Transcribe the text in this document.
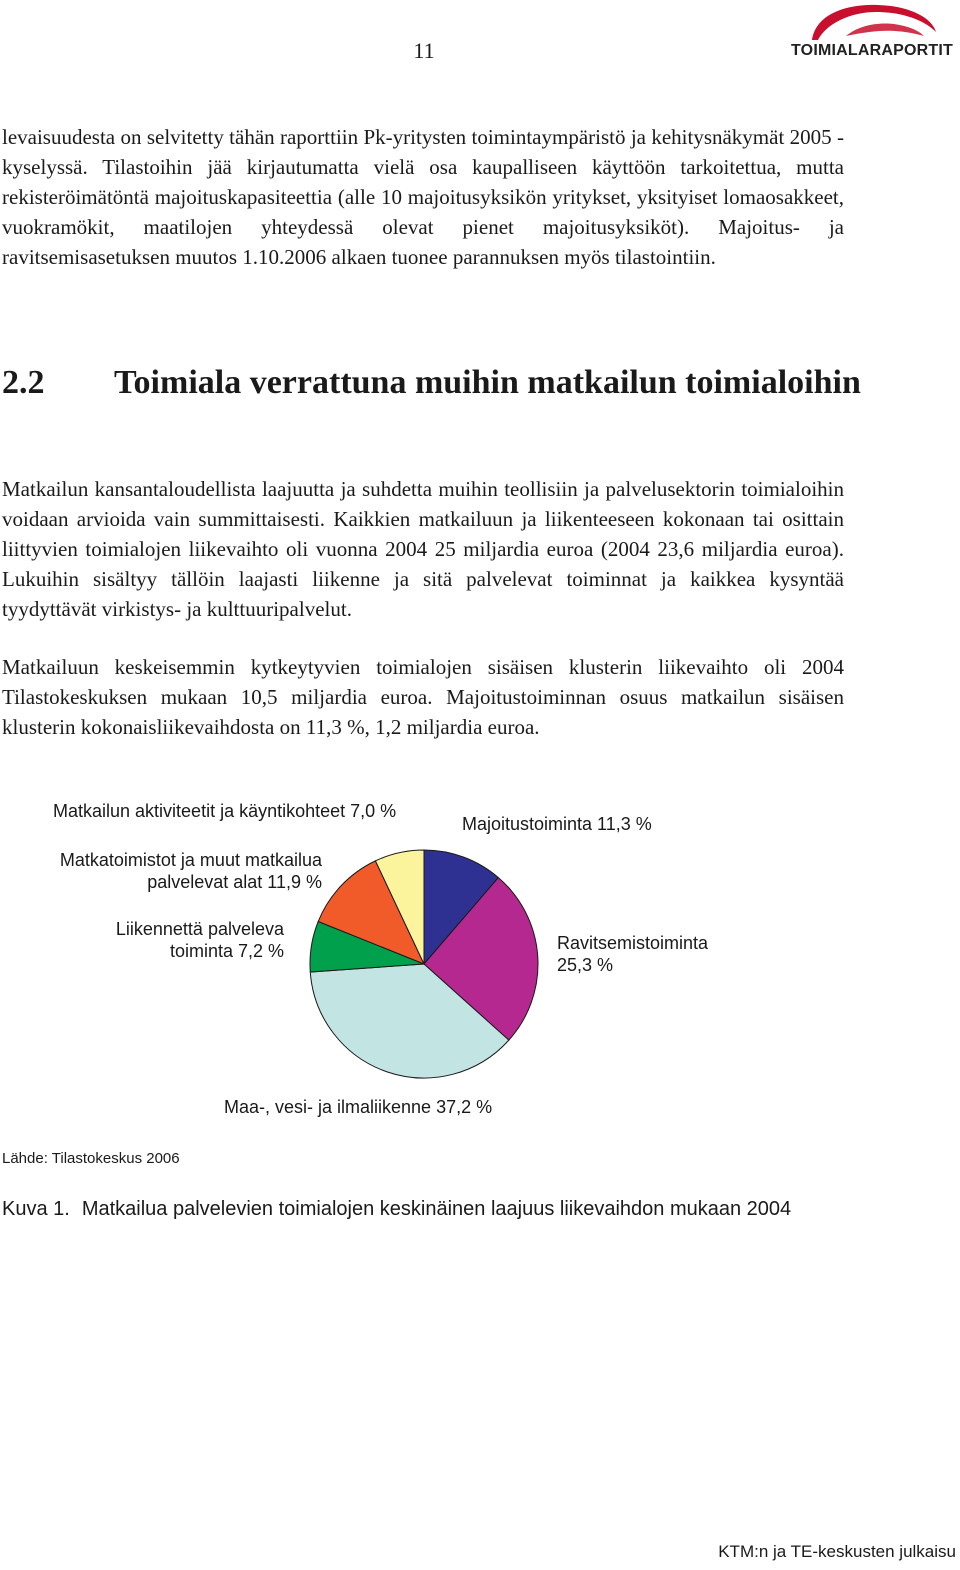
11	TOIMIALARAPORTIT

levaisuudesta on selvitetty tähän raporttiin Pk-yritysten toimintaympäristö ja kehitysnäkymät 2005 -kyselyssä. Tilastoihin jää kirjautumatta vielä osa kaupalliseen käyttöön tarkoitettua, mutta rekisteröimätöntä majoituskapasiteettia (alle 10 majoitusyksikön yritykset, yksityiset lomaosakkeet, vuokramökit, maatilojen yhteydessä olevat pienet majoitusyksiköt). Majoitus- ja ravitsemisasetuksen muutos 1.10.2006 alkaen tuonee parannuksen myös tilastointiin.

2.2 Toimiala verrattuna muihin matkailun toimialoihin

Matkailun kansantaloudellista laajuutta ja suhdetta muihin teollisiin ja palvelusektorin toimialoihin voidaan arvioida vain summittaisesti. Kaikkien matkailuun ja liikenteeseen kokonaan tai osittain liittyvien toimialojen liikevaihto oli vuonna 2004 25 miljardia euroa (2004 23,6 miljardia euroa). Lukuihin sisältyy tällöin laajasti liikenne ja sitä palvelevat toiminnat ja kaikkea kysyntää tyydyttävät virkistys- ja kulttuuripalvelut.

Matkailuun keskeisemmin kytkeytyvien toimialojen sisäisen klusterin liikevaihto oli 2004 Tilastokeskuksen mukaan 10,5 miljardia euroa. Majoitustoiminnan osuus matkailun sisäisen klusterin kokonaisliikevaihdosta on 11,3 %, 1,2 miljardia euroa.

Majoitustoiminta 11,3 %
Ravitsemistoiminta
25,3 %
Maa-, vesi- ja ilmaliikenne 37,2 %
Liikennettä palveleva
toiminta 7,2 %
Matkatoimistot ja muut matkailua
palvelevat alat 11,9 %
Matkailun aktiviteetit ja käyntikohteet 7,0 %
Lähde: Tilastokeskus 2006
Kuva 1. Matkailua palvelevien toimialojen keskinäinen laajuus liikevaihdon mukaan 2004
KTM:n ja TE-keskusten julkaisu
